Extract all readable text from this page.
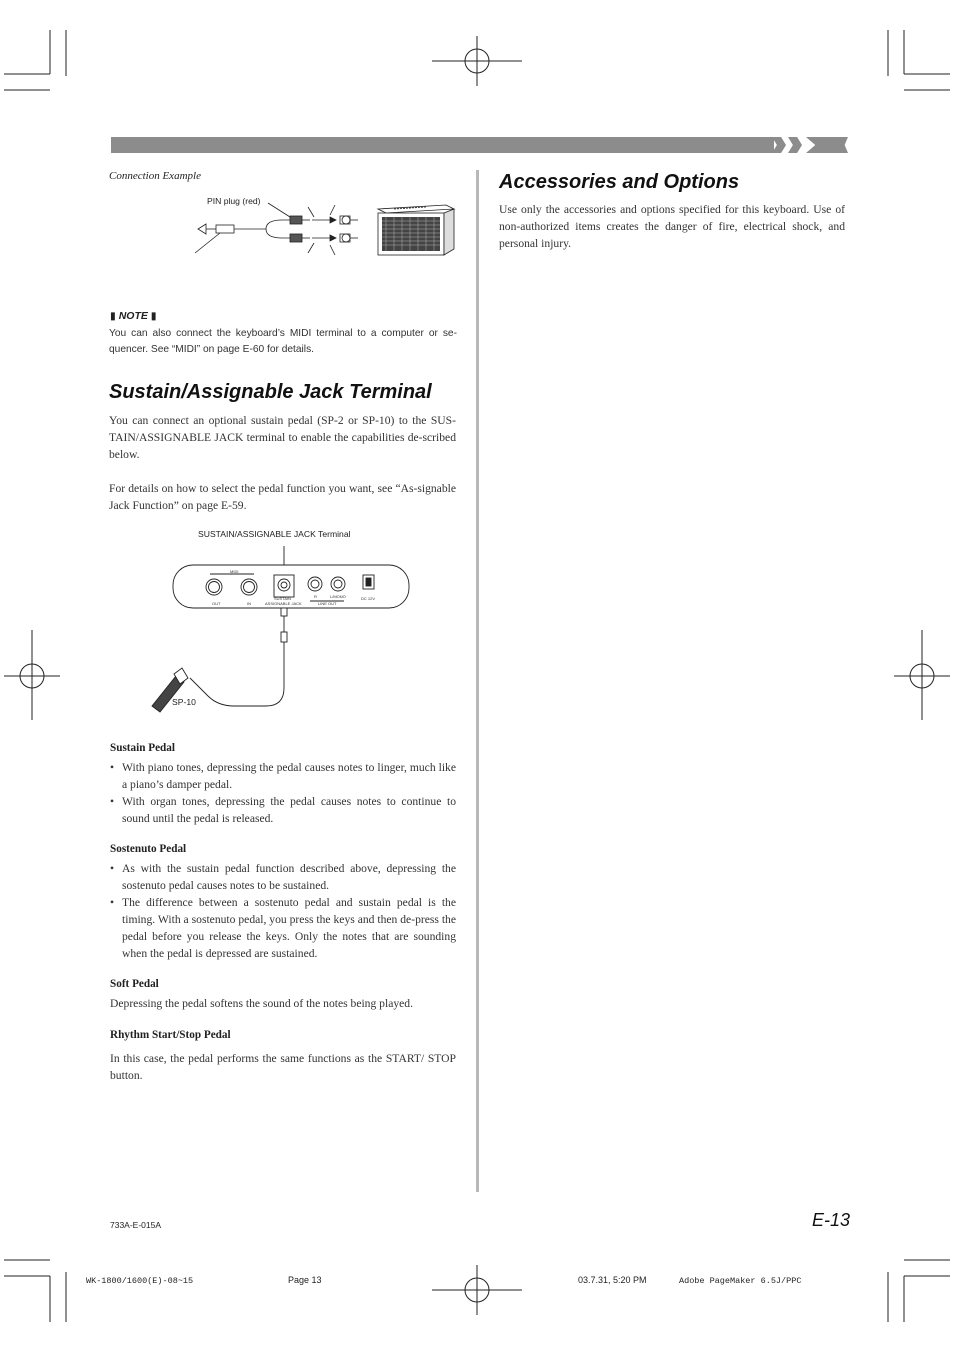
Connection Example
PIN plug (red)
▮ NOTE ▮
You can also connect the keyboard’s MIDI terminal to a computer or se-quencer. See “MIDI” on page E-60 for details.
Sustain/Assignable Jack Terminal
You can connect an optional sustain pedal (SP-2 or SP-10) to the SUS-TAIN/ASSIGNABLE JACK terminal to enable the capabilities de-scribed below.
For details on how to select the pedal function you want, see “As-signable Jack Function” on page E-59.
SUSTAIN/ASSIGNABLE JACK Terminal
MIDI
OUT	IN
SUSTAIN
ASSIGNABLE JACK
R	L/MONO
LINE OUT
DC 12V
SP-10
Sustain Pedal
• With piano tones, depressing the pedal causes notes to linger, much like a piano’s damper pedal.
• With organ tones, depressing the pedal causes notes to continue to sound until the pedal is released.
Sostenuto Pedal
• As with the sustain pedal function described above, depressing the sostenuto pedal causes notes to be sustained.
• The difference between a sostenuto pedal and sustain pedal is the timing. With a sostenuto pedal, you press the keys and then de-press the pedal before you release the keys. Only the notes that are sounding when the pedal is depressed are sustained.
Soft Pedal
Depressing the pedal softens the sound of the notes being played.
Rhythm Start/Stop Pedal
In this case, the pedal performs the same functions as the START/ STOP button.
Accessories and Options
Use only the accessories and options specified for this keyboard. Use of non-authorized items creates the danger of fire, electrical shock, and personal injury.
E-13
733A-E-015A
WK-1800/1600(E)-08~15	Page 13	03.7.31, 5:20 PM	Adobe PageMaker 6.5J/PPC
